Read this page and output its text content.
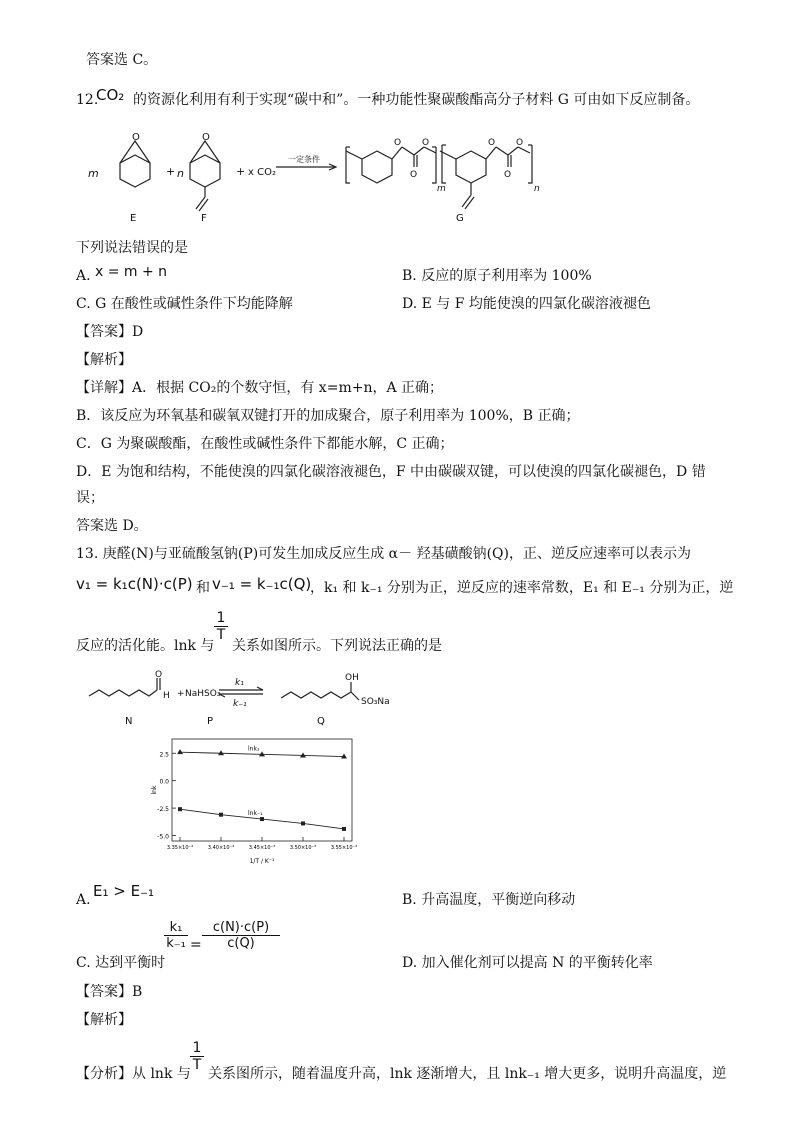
答案选 C。
12.
CO₂ 的资源化利用有利于实现“碳中和”。一种功能性聚碳酸酯高分子材料 G 可由如下反应制备。
O	O	O O
O
O O
O
m	+ n	+ x CO₂
一定条件
m	n
E	F	G
下列说法错误的是
A. x = m + n	B. 反应的原子利用率为 100%
C. G 在酸性或碱性条件下均能降解	D. E 与 F 均能使溴的四氯化碳溶液褪色
【答案】D
【解析】
【详解】A．根据 CO₂的个数守恒，有 x=m+n，A 正确；
B．该反应为环氧基和碳氧双键打开的加成聚合，原子利用率为 100%，B 正确；
C．G 为聚碳酸酯，在酸性或碱性条件下都能水解，C 正确；
D．E 为饱和结构，不能使溴的四氯化碳溶液褪色，F 中由碳碳双键，可以使溴的四氯化碳褪色，D 错
误；
答案选 D。
13. 庚醛(N)与亚硫酸氢钠(P)可发生加成反应生成 α－ 羟基磺酸钠(Q)，正、逆反应速率可以表示为
v₁ = k₁c(N)·c(P) 和 v₋₁ = k₋₁c(Q)
，k₁ 和 k₋₁ 分别为正，逆反应的速率常数，E₁ 和 E₋₁ 分别为正，逆
反应的活化能。lnk 与
$\frac{1}{T}$
关系如图所示。下列说法正确的是
O
H + NaHSO₃
k₁
k₋₁
OH
SO₃Na
N	P	Q
2.5
0.0
-2.5
-5.0
3.35×10⁻³	3.40×10⁻³	3.45×10⁻³	3.50×10⁻³	3.55×10⁻³
lnk
1/T / K⁻¹
lnk₁
lnk₋₁
A. E₁ > E₋₁	B. 升高温度，平衡逆向移动
C. 达到平衡时
$\frac{\text{k₁}}{\text{k₋₁}} = \frac{c(N)\cdot c(P)}{c(Q)}$
D. 加入催化剂可以提高 N 的平衡转化率
【答案】B
【解析】
【分析】从 lnk 与
$\frac{1}{T}$
关系图所示，随着温度升高，lnk 逐渐增大，且 lnk₋₁ 增大更多，说明升高温度，逆
